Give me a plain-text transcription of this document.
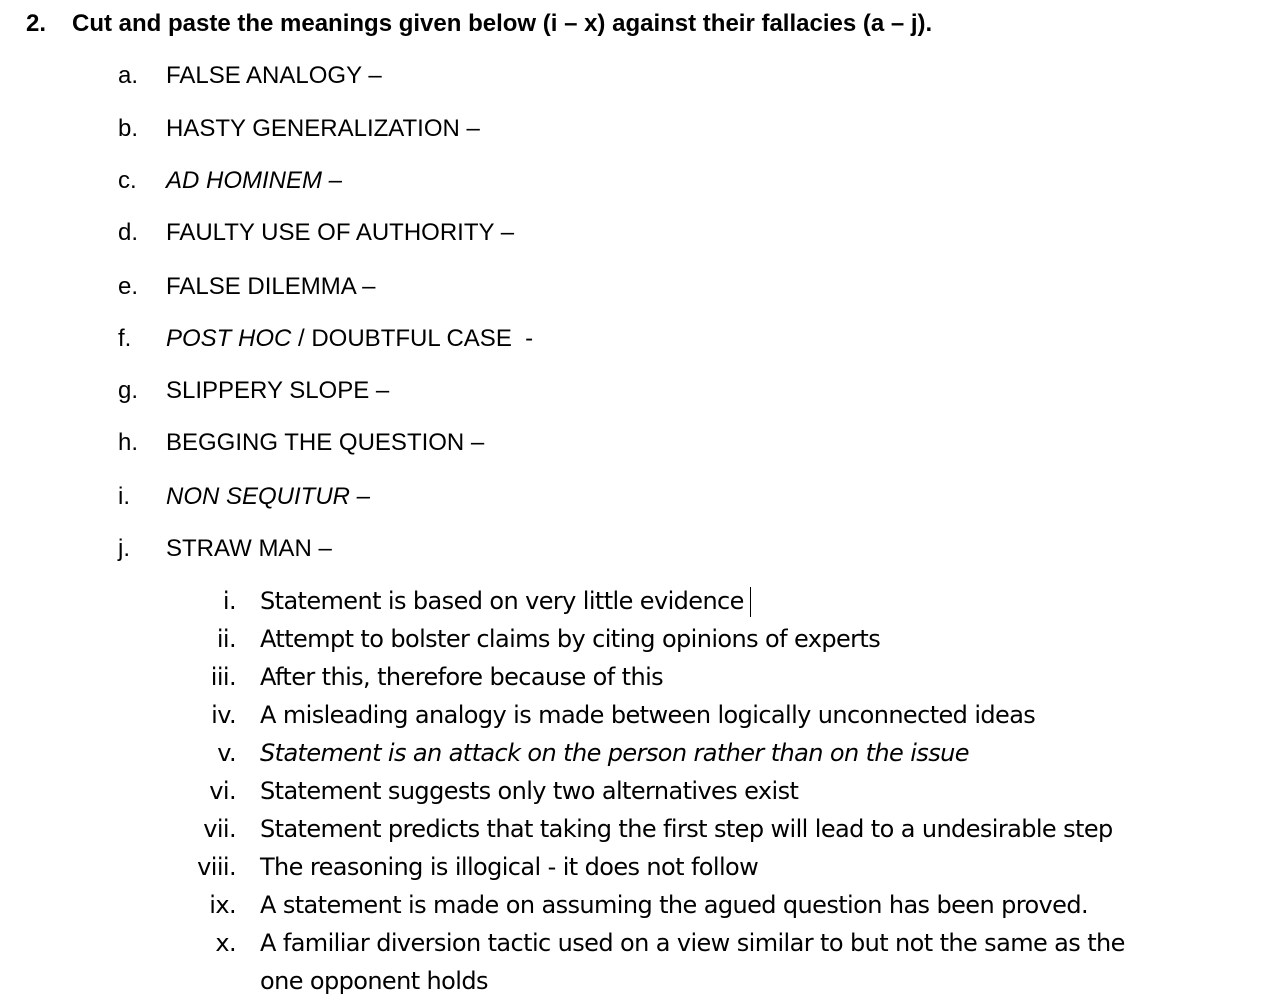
2. Cut and paste the meanings given below (i – x) against their fallacies (a – j).
a. FALSE ANALOGY –
b. HASTY GENERALIZATION –
c. AD HOMINEM –
d. FAULTY USE OF AUTHORITY –
e. FALSE DILEMMA –
f. POST HOC / DOUBTFUL CASE  -
g. SLIPPERY SLOPE –
h. BEGGING THE QUESTION –
i. NON SEQUITUR –
j. STRAW MAN –
i. Statement is based on very little evidence
ii. Attempt to bolster claims by citing opinions of experts
iii. After this, therefore because of this
iv. A misleading analogy is made between logically unconnected ideas
v. Statement is an attack on the person rather than on the issue
vi. Statement suggests only two alternatives exist
vii. Statement predicts that taking the first step will lead to a undesirable step
viii. The reasoning is illogical - it does not follow
ix. A statement is made on assuming the agued question has been proved.
x. A familiar diversion tactic used on a view similar to but not the same as the
one opponent holds
